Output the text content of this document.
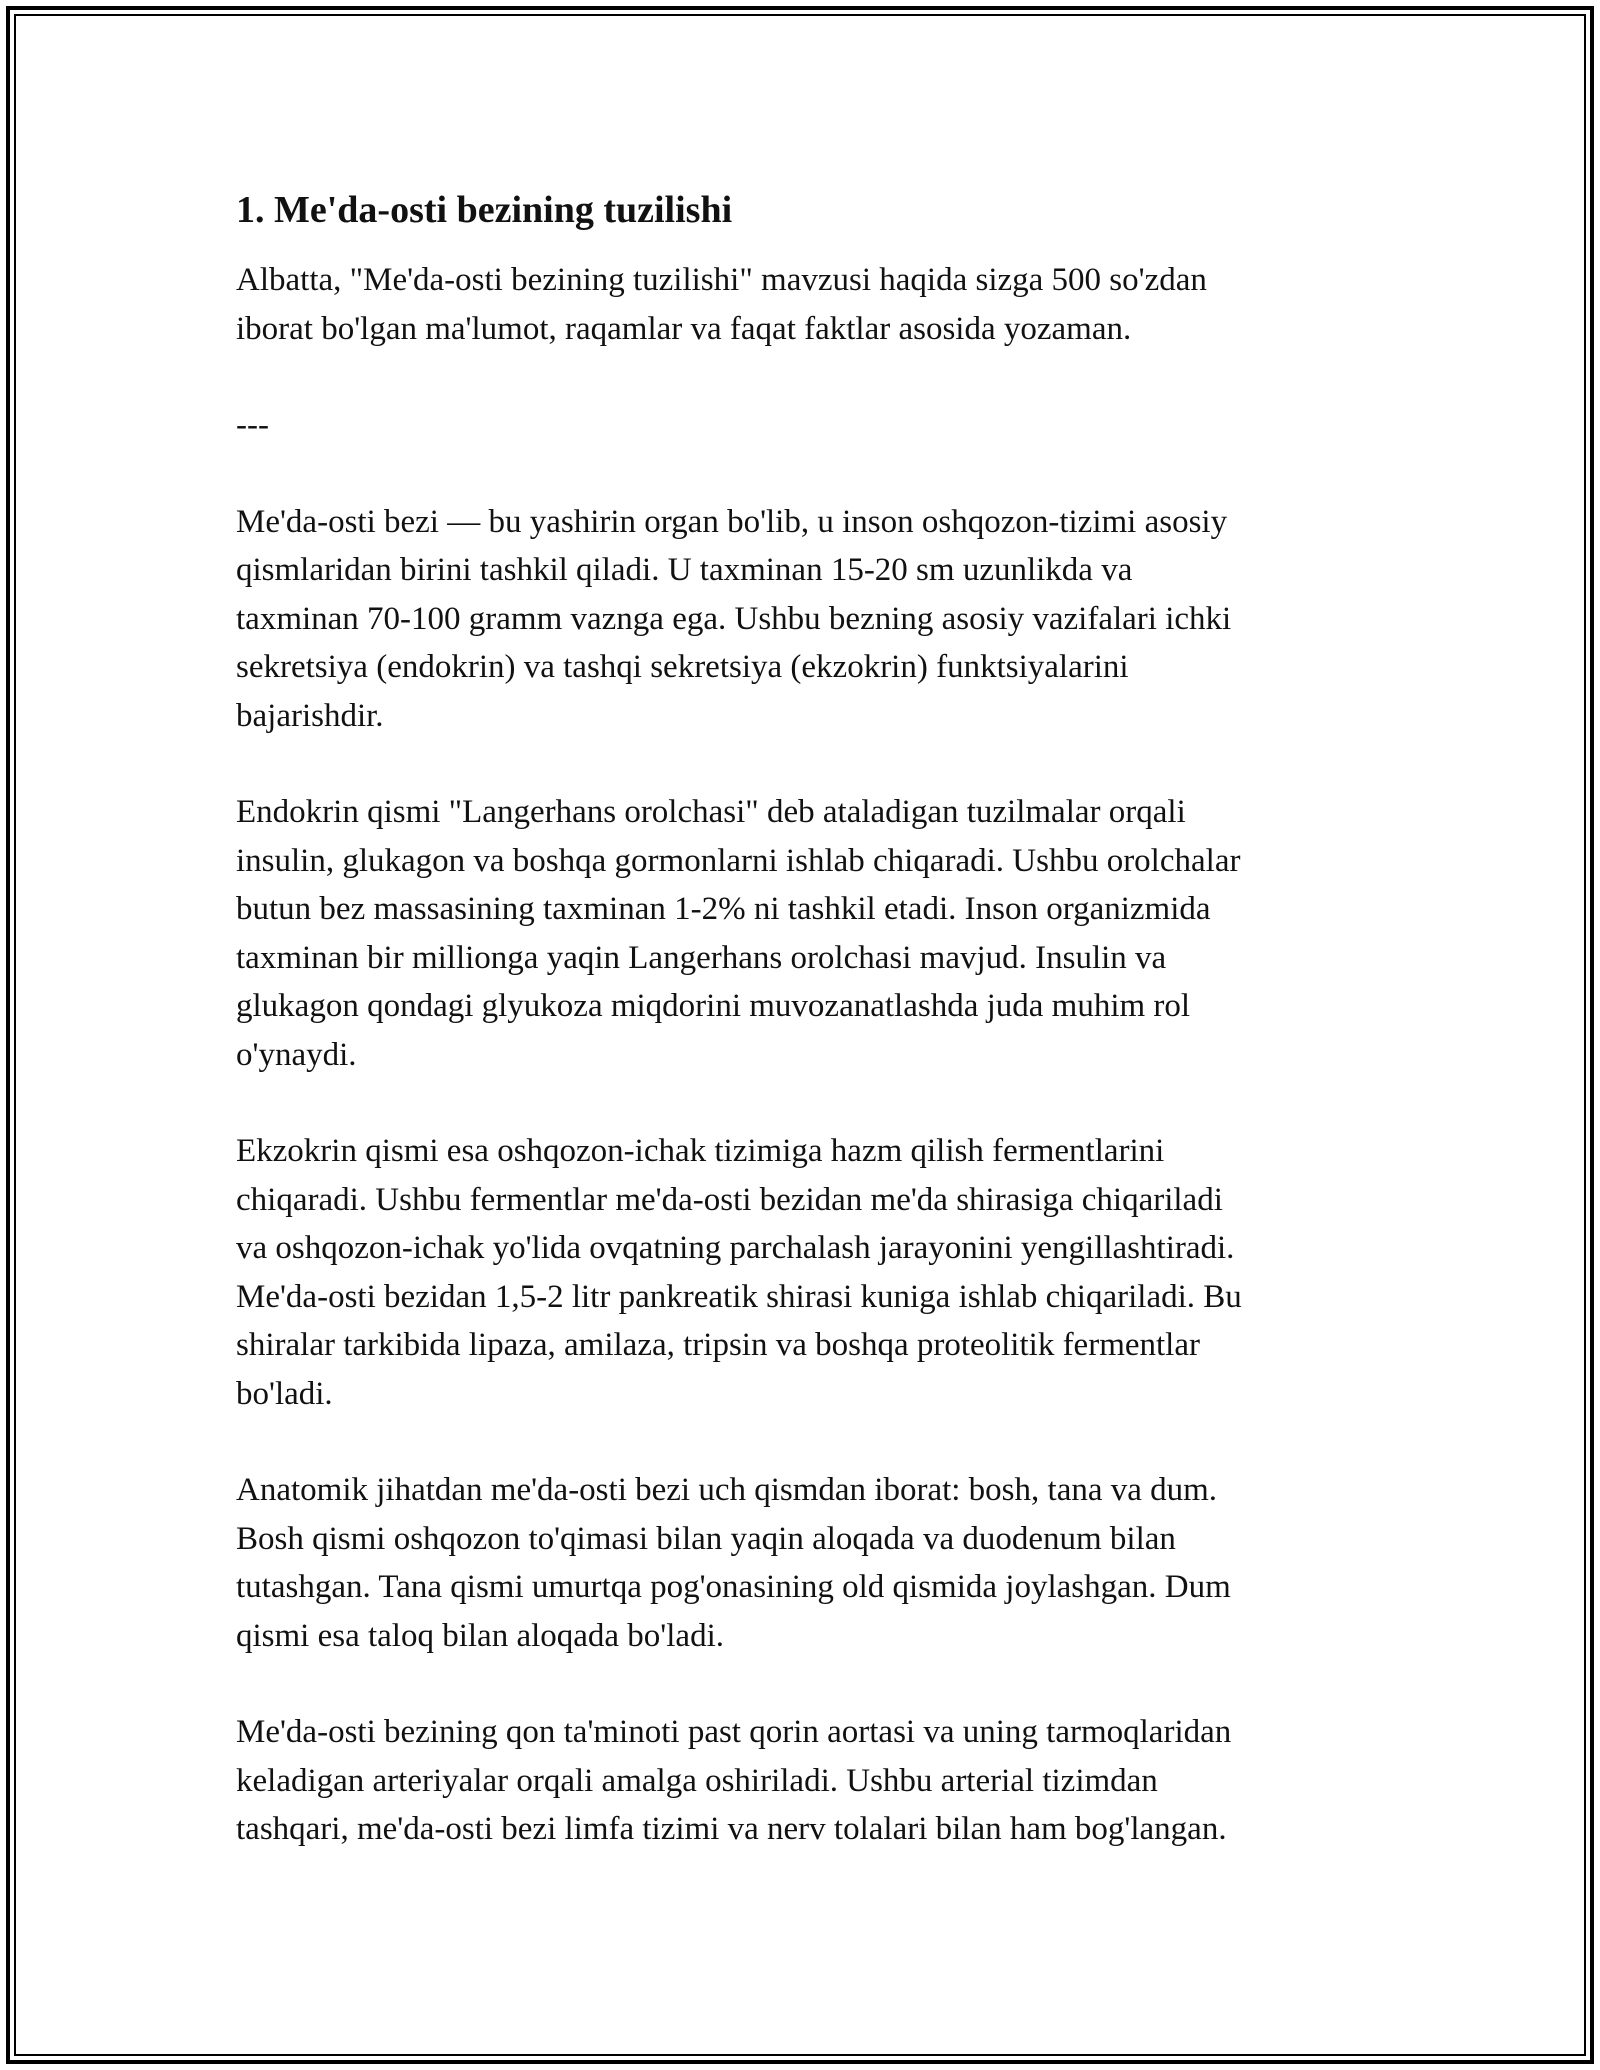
1. Me'da-osti bezining tuzilishi

Albatta, "Me'da-osti bezining tuzilishi" mavzusi haqida sizga 500 so'zdan
iborat bo'lgan ma'lumot, raqamlar va faqat faktlar asosida yozaman.

---

Me'da-osti bezi — bu yashirin organ bo'lib, u inson oshqozon-tizimi asosiy
qismlaridan birini tashkil qiladi. U taxminan 15-20 sm uzunlikda va
taxminan 70-100 gramm vaznga ega. Ushbu bezning asosiy vazifalari ichki
sekretsiya (endokrin) va tashqi sekretsiya (ekzokrin) funktsiyalarini
bajarishdir.

Endokrin qismi "Langerhans orolchasi" deb ataladigan tuzilmalar orqali
insulin, glukagon va boshqa gormonlarni ishlab chiqaradi. Ushbu orolchalar
butun bez massasining taxminan 1-2% ni tashkil etadi. Inson organizmida
taxminan bir millionga yaqin Langerhans orolchasi mavjud. Insulin va
glukagon qondagi glyukoza miqdorini muvozanatlashda juda muhim rol
o'ynaydi.

Ekzokrin qismi esa oshqozon-ichak tizimiga hazm qilish fermentlarini
chiqaradi. Ushbu fermentlar me'da-osti bezidan me'da shirasiga chiqariladi
va oshqozon-ichak yo'lida ovqatning parchalash jarayonini yengillashtiradi.
Me'da-osti bezidan 1,5-2 litr pankreatik shirasi kuniga ishlab chiqariladi. Bu
shiralar tarkibida lipaza, amilaza, tripsin va boshqa proteolitik fermentlar
bo'ladi.

Anatomik jihatdan me'da-osti bezi uch qismdan iborat: bosh, tana va dum.
Bosh qismi oshqozon to'qimasi bilan yaqin aloqada va duodenum bilan
tutashgan. Tana qismi umurtqa pog'onasining old qismida joylashgan. Dum
qismi esa taloq bilan aloqada bo'ladi.

Me'da-osti bezining qon ta'minoti past qorin aortasi va uning tarmoqlaridan
keladigan arteriyalar orqali amalga oshiriladi. Ushbu arterial tizimdan
tashqari, me'da-osti bezi limfa tizimi va nerv tolalari bilan ham bog'langan.
